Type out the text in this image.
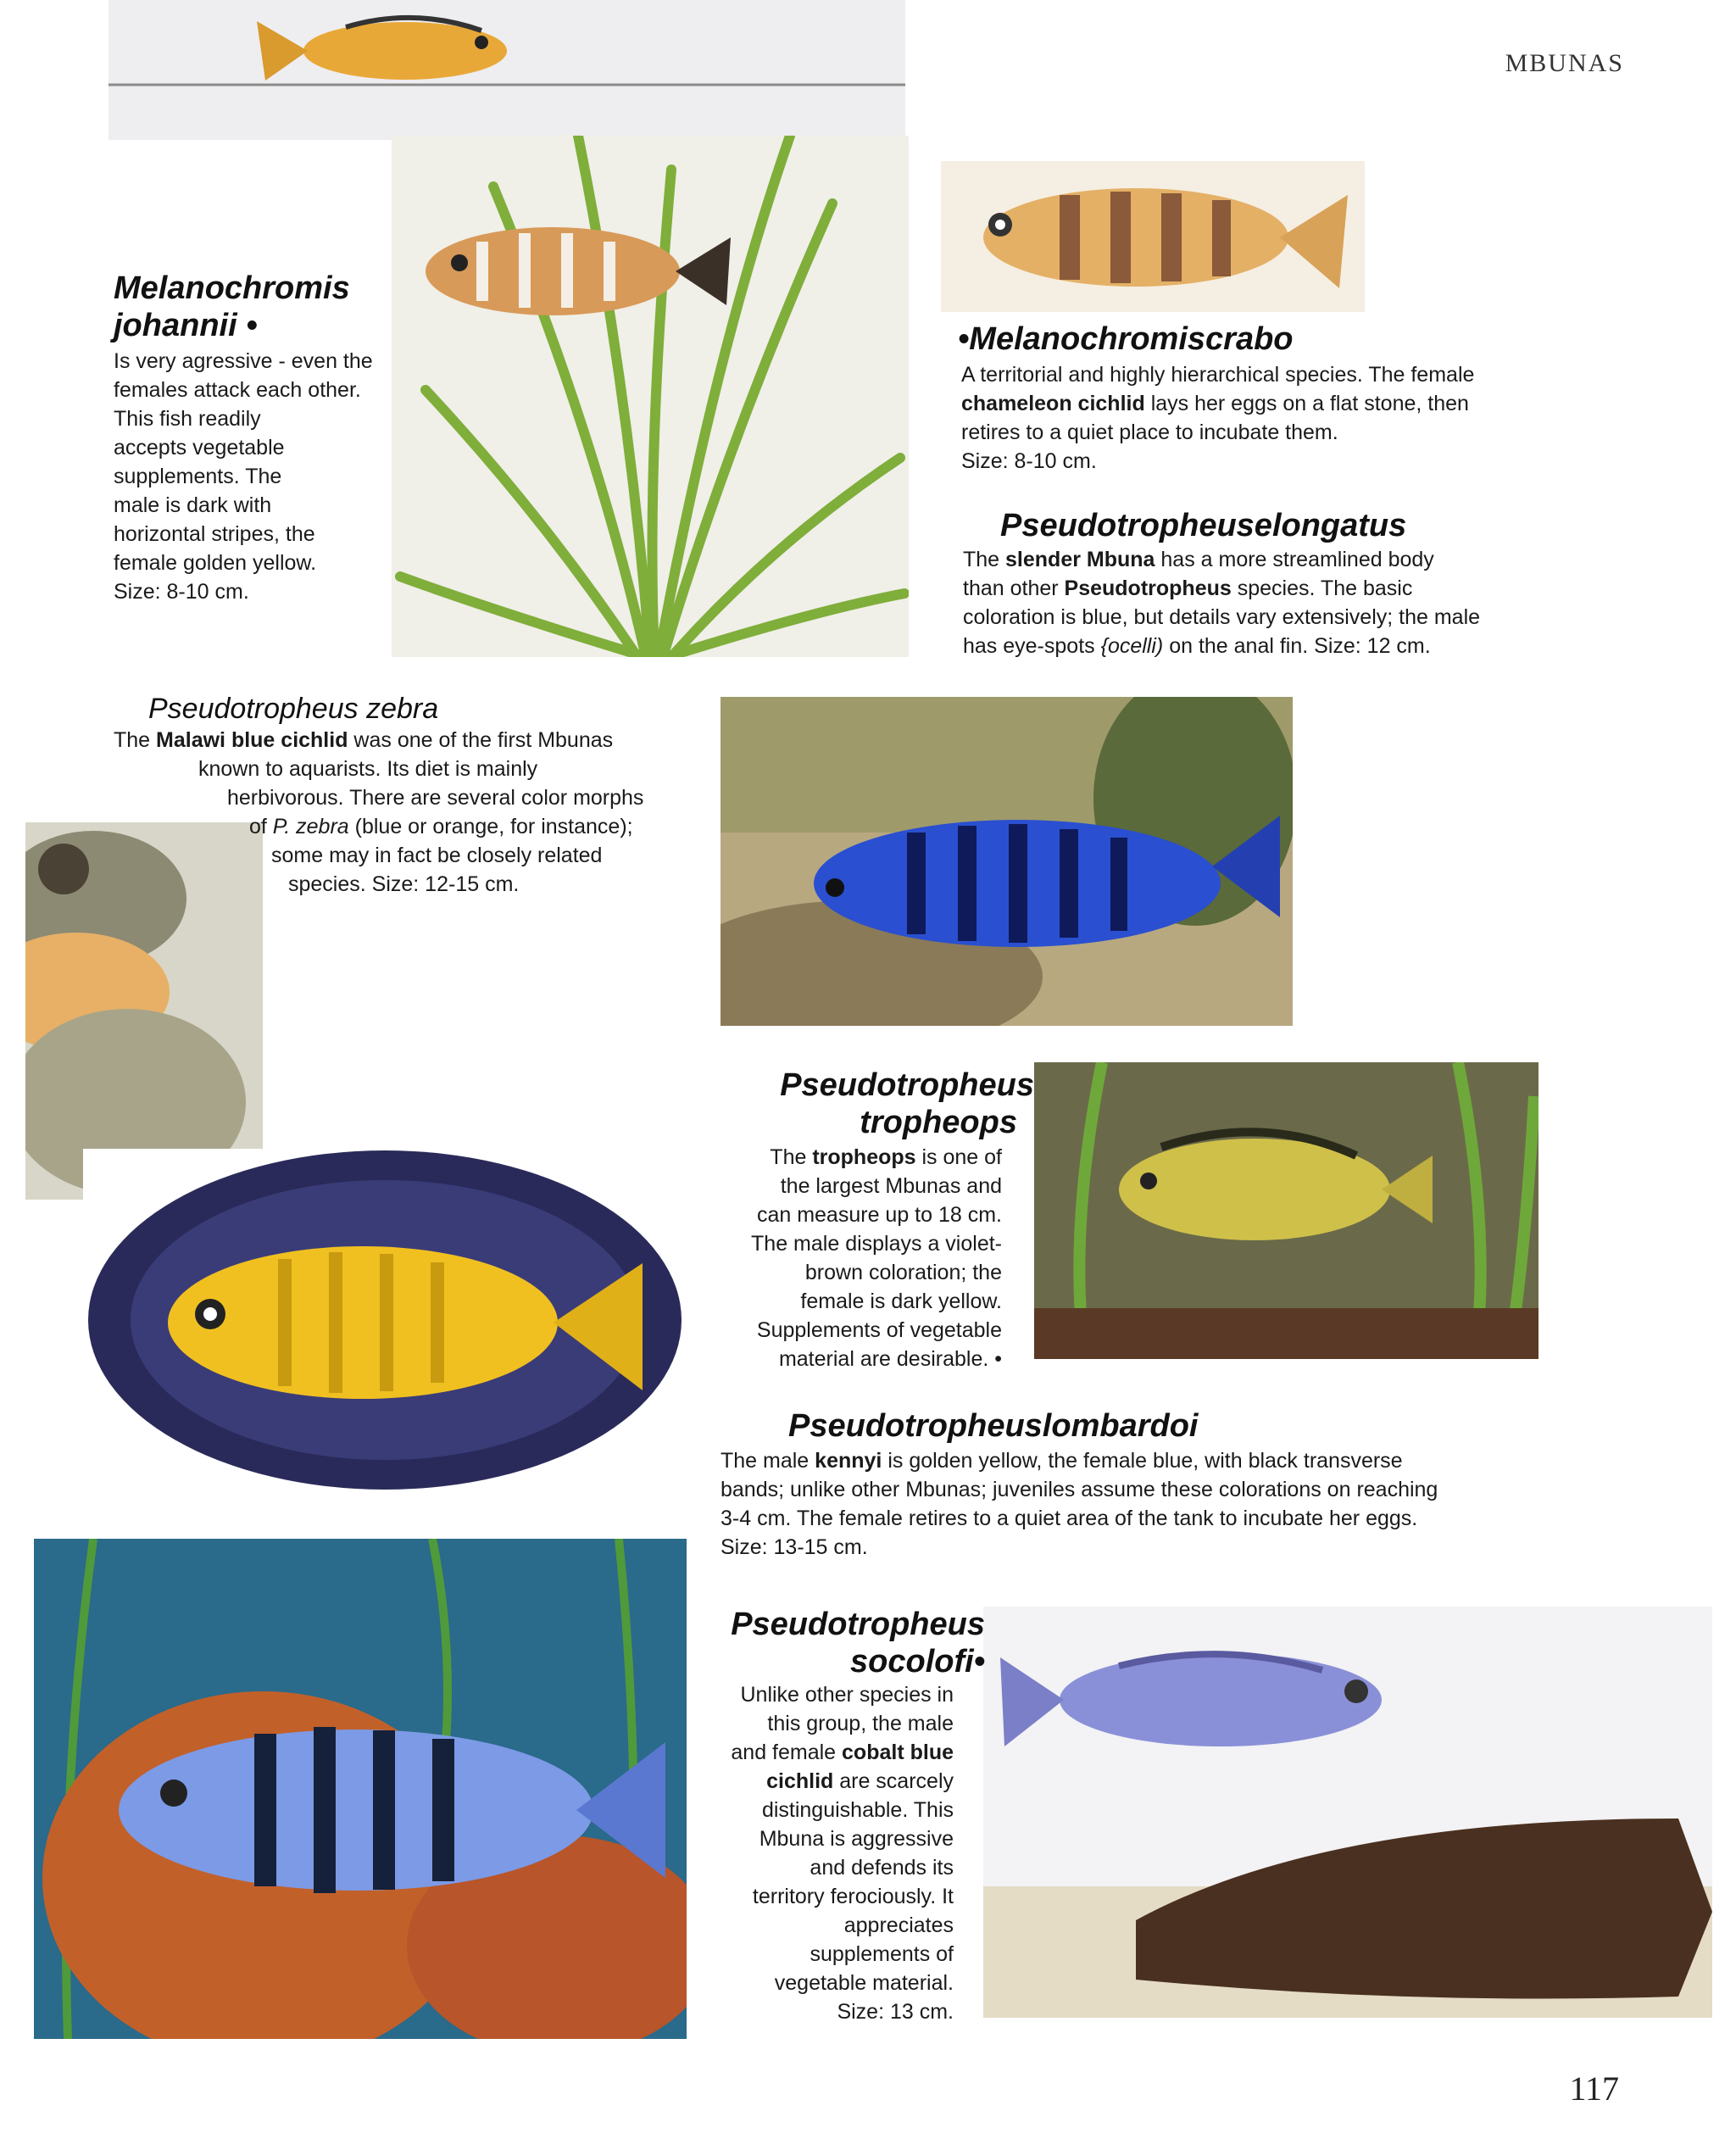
MBUNAS
117
Melanochromis
johannii •
Is very agressive - even the
females attack each other.
This fish readily
accepts vegetable
supplements. The
male is dark with
horizontal stripes, the
female golden yellow.
Size: 8-10 cm.
•Melanochromiscrabo
A territorial and highly hierarchical species. The female
chameleon cichlid lays her eggs on a flat stone, then
retires to a quiet place to incubate them.
Size: 8-10 cm.
Pseudotropheuselongatus
The slender Mbuna has a more streamlined body
than other Pseudotropheus species. The basic
coloration is blue, but details vary extensively; the male
has eye-spots {ocelli) on the anal fin. Size: 12 cm.
Pseudotropheus zebra
The Malawi blue cichlid was one of the first Mbunas
known to aquarists. Its diet is mainly
herbivorous. There are several color morphs
of P. zebra (blue or orange, for instance);
some may in fact be closely related
species. Size: 12-15 cm.
Pseudotropheus
tropheops
The tropheops is one of
the largest Mbunas and
can measure up to 18 cm.
The male displays a violet-
brown coloration; the
female is dark yellow.
Supplements of vegetable
material are desirable. •
Pseudotropheuslombardoi
The male kennyi is golden yellow, the female blue, with black transverse
bands; unlike other Mbunas; juveniles assume these colorations on reaching
3-4 cm. The female retires to a quiet area of the tank to incubate her eggs.
Size: 13-15 cm.
Pseudotropheus
socolofi•
Unlike other species in
this group, the male
and female cobalt blue
cichlid are scarcely
distinguishable. This
Mbuna is aggressive
and defends its
territory ferociously. It
appreciates
supplements of
vegetable material.
Size: 13 cm.
